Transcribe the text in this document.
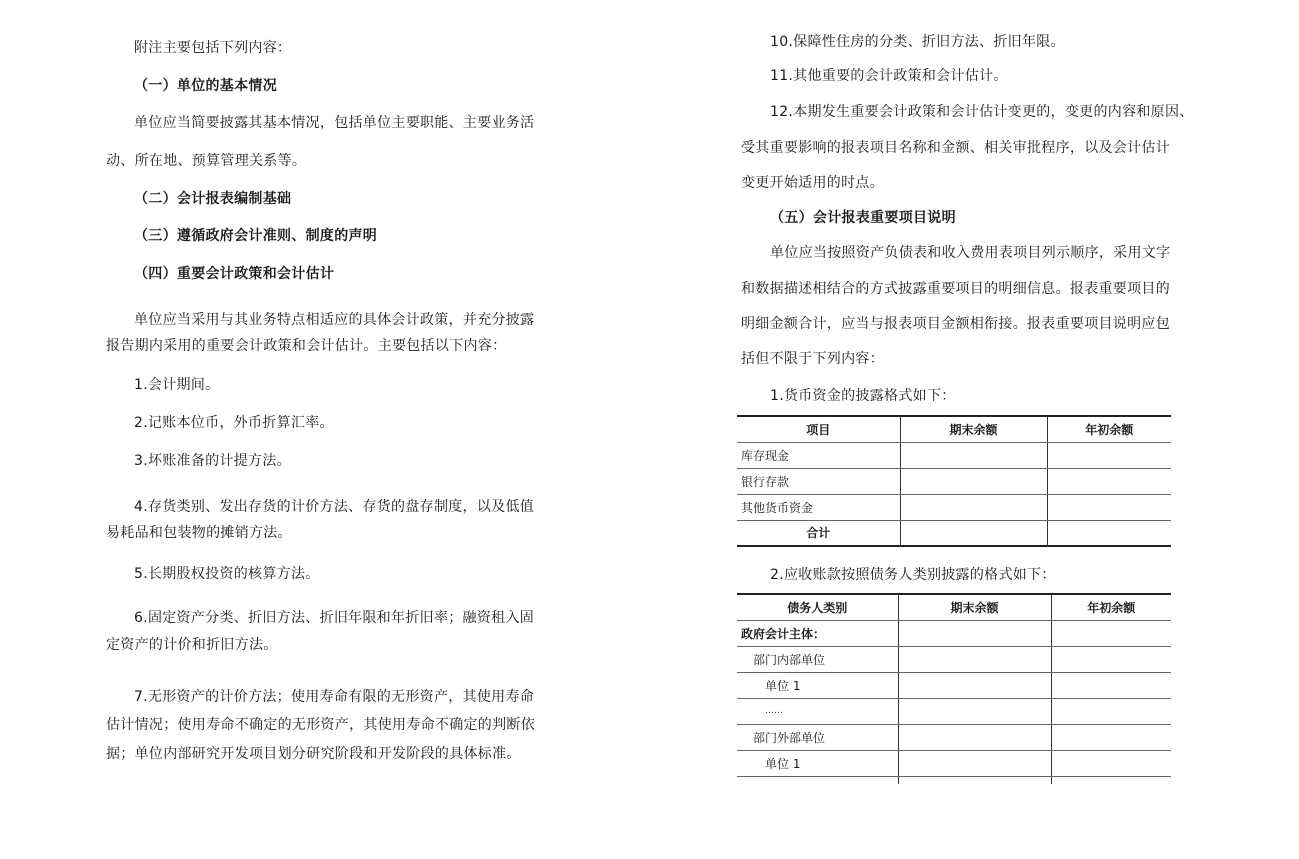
附注主要包括下列内容：
（一）单位的基本情况
单位应当简要披露其基本情况，包括单位主要职能、主要业务活
动、所在地、预算管理关系等。
（二）会计报表编制基础
（三）遵循政府会计准则、制度的声明
（四）重要会计政策和会计估计
单位应当采用与其业务特点相适应的具体会计政策，并充分披露
报告期内采用的重要会计政策和会计估计。主要包括以下内容：
1.会计期间。
2.记账本位币，外币折算汇率。
3.坏账准备的计提方法。
4.存货类别、发出存货的计价方法、存货的盘存制度，以及低值
易耗品和包装物的摊销方法。
5.长期股权投资的核算方法。
6.固定资产分类、折旧方法、折旧年限和年折旧率；融资租入固
定资产的计价和折旧方法。
7.无形资产的计价方法；使用寿命有限的无形资产，其使用寿命
估计情况；使用寿命不确定的无形资产，其使用寿命不确定的判断依
据；单位内部研究开发项目划分研究阶段和开发阶段的具体标准。
10.保障性住房的分类、折旧方法、折旧年限。
11.其他重要的会计政策和会计估计。
12.本期发生重要会计政策和会计估计变更的，变更的内容和原因、
受其重要影响的报表项目名称和金额、相关审批程序，以及会计估计
变更开始适用的时点。
（五）会计报表重要项目说明
单位应当按照资产负债表和收入费用表项目列示顺序，采用文字
和数据描述相结合的方式披露重要项目的明细信息。报表重要项目的
明细金额合计，应当与报表项目金额相衔接。报表重要项目说明应包
括但不限于下列内容：
1.货币资金的披露格式如下：
项目	期末余额	年初余额
库存现金		
银行存款		
其他货币资金		
合计		
2.应收账款按照债务人类别披露的格式如下：
债务人类别	期末余额	年初余额
政府会计主体：		
部门内部单位		
单位 1		
……		
部门外部单位		
单位 1		
